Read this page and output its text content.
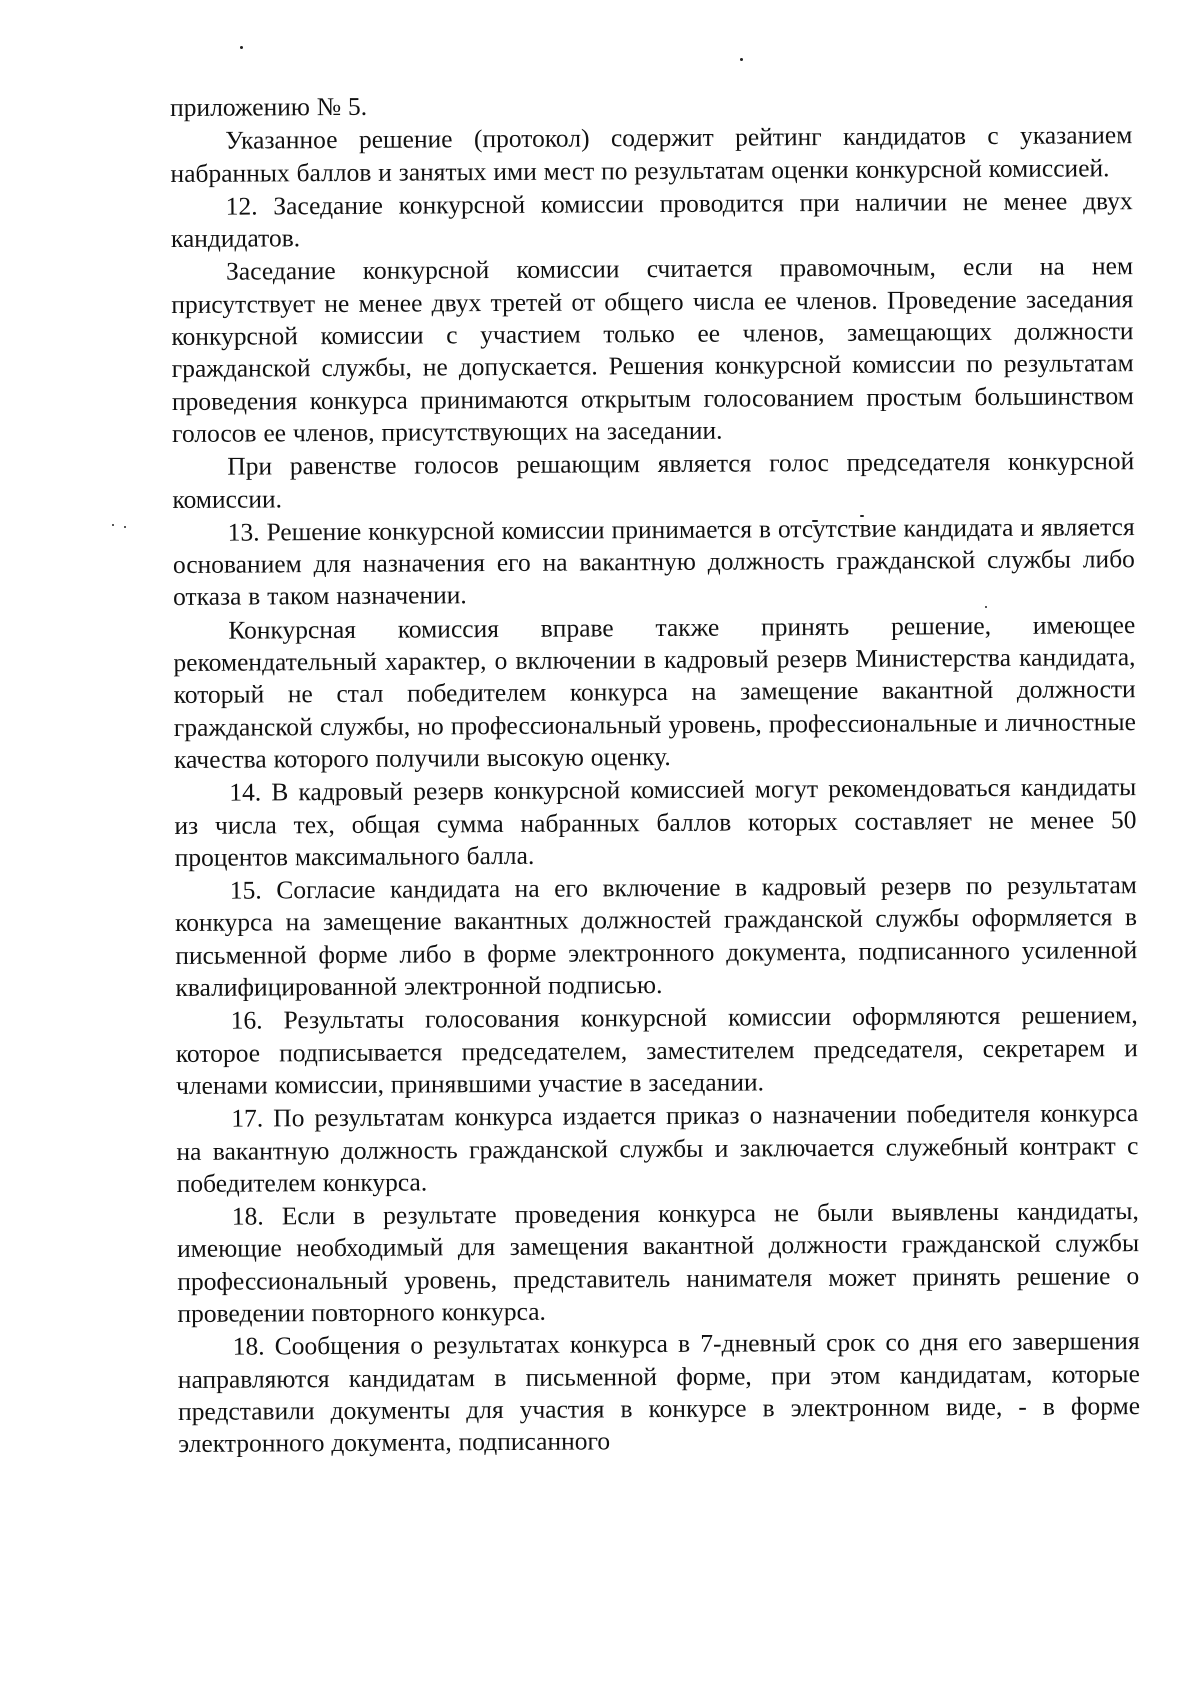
приложению № 5.

Указанное решение (протокол) содержит рейтинг кандидатов с указанием набранных баллов и занятых ими мест по результатам оценки конкурсной комиссией.

12. Заседание конкурсной комиссии проводится при наличии не менее двух кандидатов.

Заседание конкурсной комиссии считается правомочным, если на нем присутствует не менее двух третей от общего числа ее членов. Проведение заседания конкурсной комиссии с участием только ее членов, замещающих должности гражданской службы, не допускается. Решения конкурсной комиссии по результатам проведения конкурса принимаются открытым голосованием простым большинством голосов ее членов, присутствующих на заседании.

При равенстве голосов решающим является голос председателя конкурсной комиссии.

13. Решение конкурсной комиссии принимается в отсутствие кандидата и является основанием для назначения его на вакантную должность гражданской службы либо отказа в таком назначении.

Конкурсная комиссия вправе также принять решение, имеющее рекомендательный характер, о включении в кадровый резерв Министерства кандидата, который не стал победителем конкурса на замещение вакантной должности гражданской службы, но профессиональный уровень, профессиональные и личностные качества которого получили высокую оценку.

14. В кадровый резерв конкурсной комиссией могут рекомендоваться кандидаты из числа тех, общая сумма набранных баллов которых составляет не менее 50 процентов максимального балла.

15. Согласие кандидата на его включение в кадровый резерв по результатам конкурса на замещение вакантных должностей гражданской службы оформляется в письменной форме либо в форме электронного документа, подписанного усиленной квалифицированной электронной подписью.

16. Результаты голосования конкурсной комиссии оформляются решением, которое подписывается председателем, заместителем председателя, секретарем и членами комиссии, принявшими участие в заседании.

17. По результатам конкурса издается приказ о назначении победителя конкурса на вакантную должность гражданской службы и заключается служебный контракт с победителем конкурса.

18. Если в результате проведения конкурса не были выявлены кандидаты, имеющие необходимый для замещения вакантной должности гражданской службы профессиональный уровень, представитель нанимателя может принять решение о проведении повторного конкурса.

18. Сообщения о результатах конкурса в 7-дневный срок со дня его завершения направляются кандидатам в письменной форме, при этом кандидатам, которые представили документы для участия в конкурсе в электронном виде, - в форме электронного документа, подписанного
